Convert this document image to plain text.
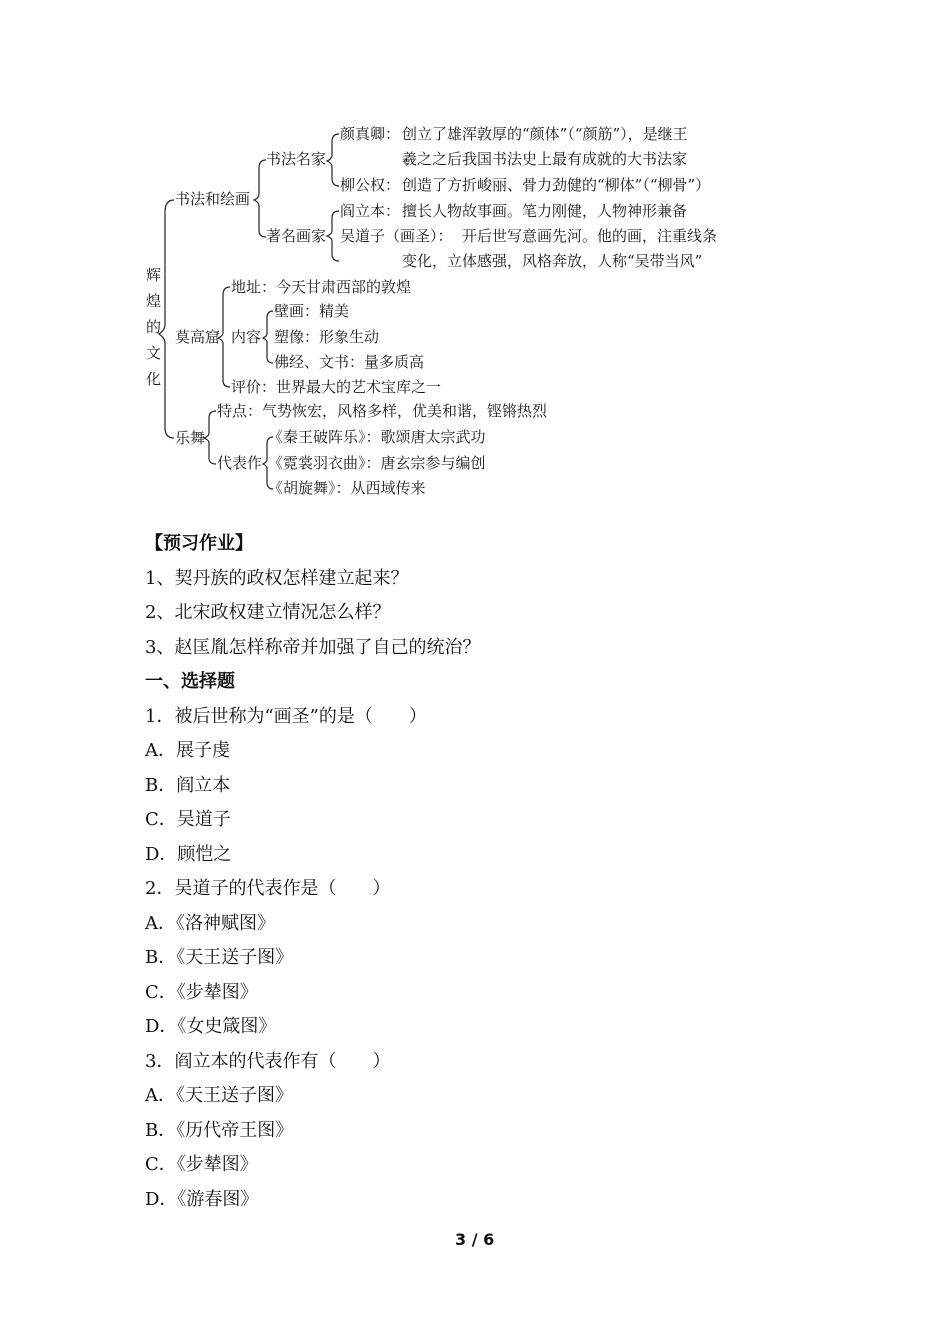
辉
煌
的
文
化
书法和绘画
书法名家
颜真卿： 创立了雄浑敦厚的“颜体”（“颜筋”），是继王
羲之之后我国书法史上最有成就的大书法家
柳公权： 创造了方折峻丽、骨力劲健的“柳体”（“柳骨”）
著名画家
阎立本： 擅长人物故事画。笔力刚健，人物神形兼备
吴道子（画圣）： 开后世写意画先河。他的画，注重线条
变化，立体感强，风格奔放，人称“吴带当风”
莫高窟
地址：今天甘肃西部的敦煌
内容
壁画：精美
塑像：形象生动
佛经、文书：量多质高
评价：世界最大的艺术宝库之一
乐舞
特点：气势恢宏，风格多样，优美和谐，铿锵热烈
代表作
《秦王破阵乐》：歌颂唐太宗武功
《霓裳羽衣曲》：唐玄宗参与编创
《胡旋舞》：从西域传来
【预习作业】
1、契丹族的政权怎样建立起来？
2、北宋政权建立情况怎么样？
3、赵匡胤怎样称帝并加强了自己的统治？
一、选择题
1．被后世称为“画圣”的是（　　）
A．展子虔
B．阎立本
C．吴道子
D．顾恺之
2．吴道子的代表作是（　　）
A．《洛神赋图》
B．《天王送子图》
C．《步辇图》
D．《女史箴图》
3．阎立本的代表作有（　　）
A．《天王送子图》
B．《历代帝王图》
C．《步辇图》
D．《游春图》
3 / 6
